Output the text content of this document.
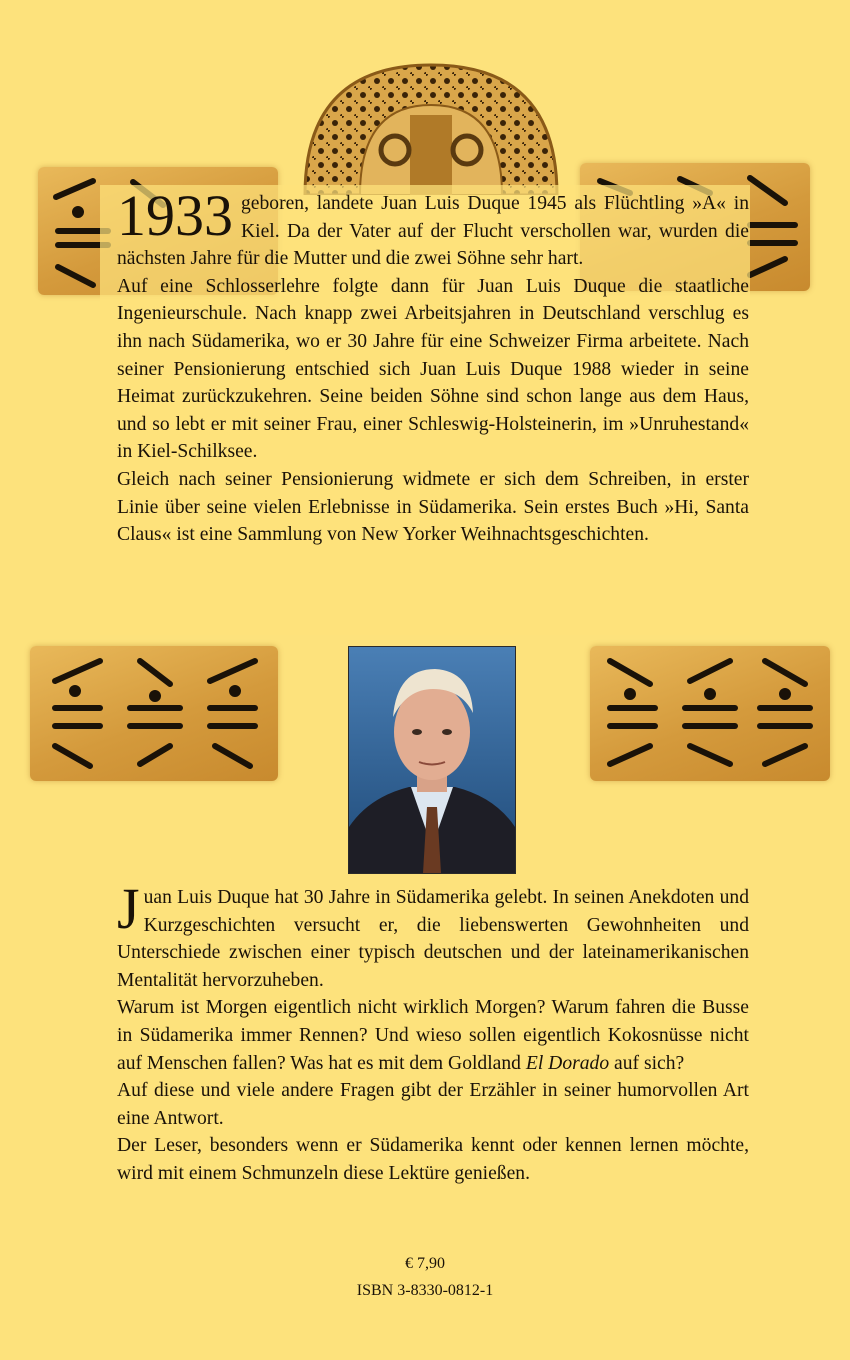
1933 geboren, landete Juan Luis Duque 1945 als Flüchtling »A« in Kiel. Da der Vater auf der Flucht verschollen war, wurden die nächsten Jahre für die Mutter und die zwei Söhne sehr hart.

Auf eine Schlosserlehre folgte dann für Juan Luis Duque die staatliche Ingenieurschule. Nach knapp zwei Arbeitsjahren in Deutschland verschlug es ihn nach Südamerika, wo er 30 Jahre für eine Schweizer Firma arbeitete. Nach seiner Pensionierung entschied sich Juan Luis Duque 1988 wieder in seine Heimat zurückzukehren. Seine beiden Söhne sind schon lange aus dem Haus, und so lebt er mit seiner Frau, einer Schleswig-Holsteinerin, im »Unruhestand« in Kiel-Schilksee.

Gleich nach seiner Pensionierung widmete er sich dem Schreiben, in erster Linie über seine vielen Erlebnisse in Südamerika. Sein erstes Buch »Hi, Santa Claus« ist eine Sammlung von New Yorker Weihnachtsgeschichten.

Juan Luis Duque hat 30 Jahre in Südamerika gelebt. In seinen Anekdoten und Kurzgeschichten versucht er, die liebenswerten Gewohnheiten und Unterschiede zwischen einer typisch deutschen und der lateinamerikanischen Mentalität hervorzuheben.

Warum ist Morgen eigentlich nicht wirklich Morgen? Warum fahren die Busse in Südamerika immer Rennen? Und wieso sollen eigentlich Kokosnüsse nicht auf Menschen fallen? Was hat es mit dem Goldland El Dorado auf sich?

Auf diese und viele andere Fragen gibt der Erzähler in seiner humorvollen Art eine Antwort.

Der Leser, besonders wenn er Südamerika kennt oder kennen lernen möchte, wird mit einem Schmunzeln diese Lektüre genießen.

€ 7,90
ISBN 3-8330-0812-1
